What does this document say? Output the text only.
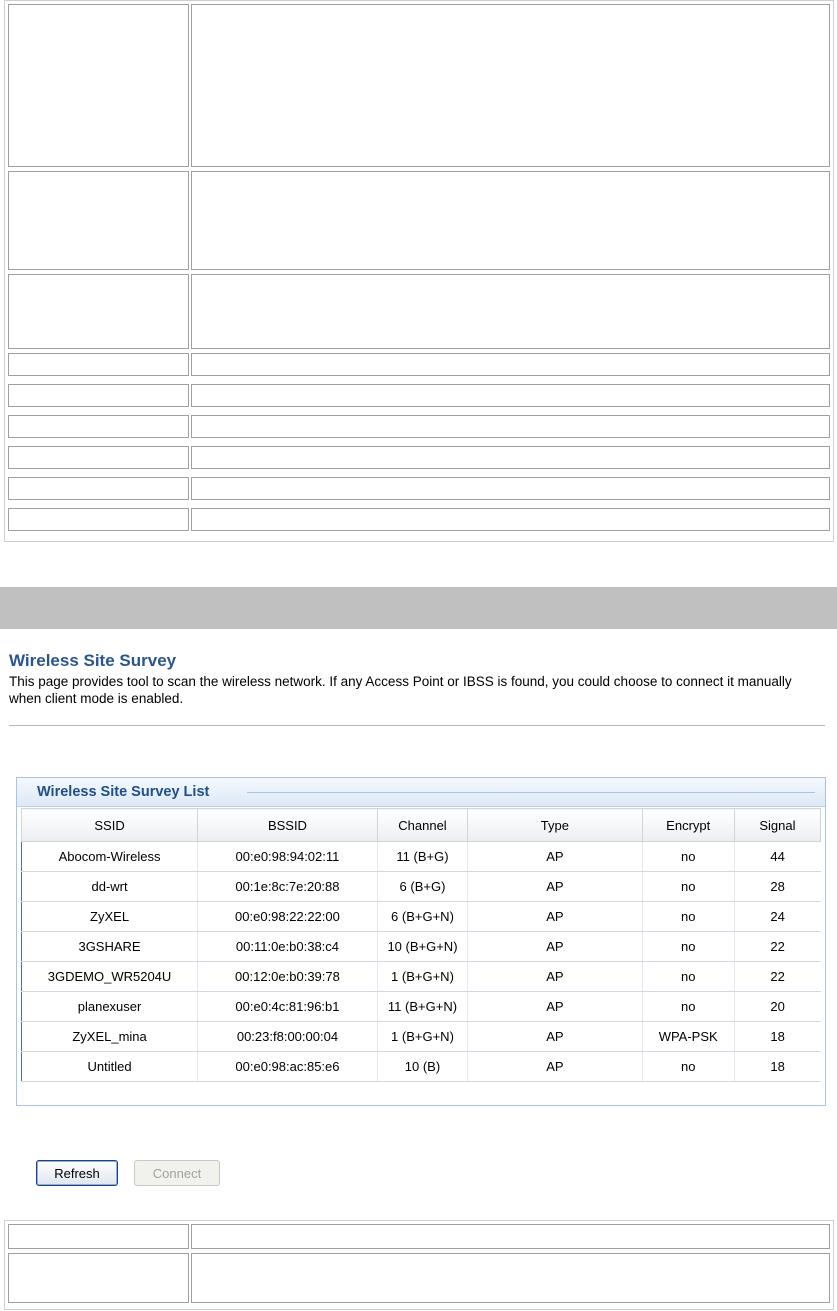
Wireless Site Survey
This page provides tool to scan the wireless network. If any Access Point or IBSS is found, you could choose to connect it manually when client mode is enabled.
Wireless Site Survey List
SSID	BSSID	Channel	Type	Encrypt	Signal
Abocom-Wireless	00:e0:98:94:02:11	11 (B+G)	AP	no	44
dd-wrt	00:1e:8c:7e:20:88	6 (B+G)	AP	no	28
ZyXEL	00:e0:98:22:22:00	6 (B+G+N)	AP	no	24
3GSHARE	00:11:0e:b0:38:c4	10 (B+G+N)	AP	no	22
3GDEMO_WR5204U	00:12:0e:b0:39:78	1 (B+G+N)	AP	no	22
planexuser	00:e0:4c:81:96:b1	11 (B+G+N)	AP	no	20
ZyXEL_mina	00:23:f8:00:00:04	1 (B+G+N)	AP	WPA-PSK	18
Untitled	00:e0:98:ac:85:e6	10 (B)	AP	no	18
Refresh	Connect
